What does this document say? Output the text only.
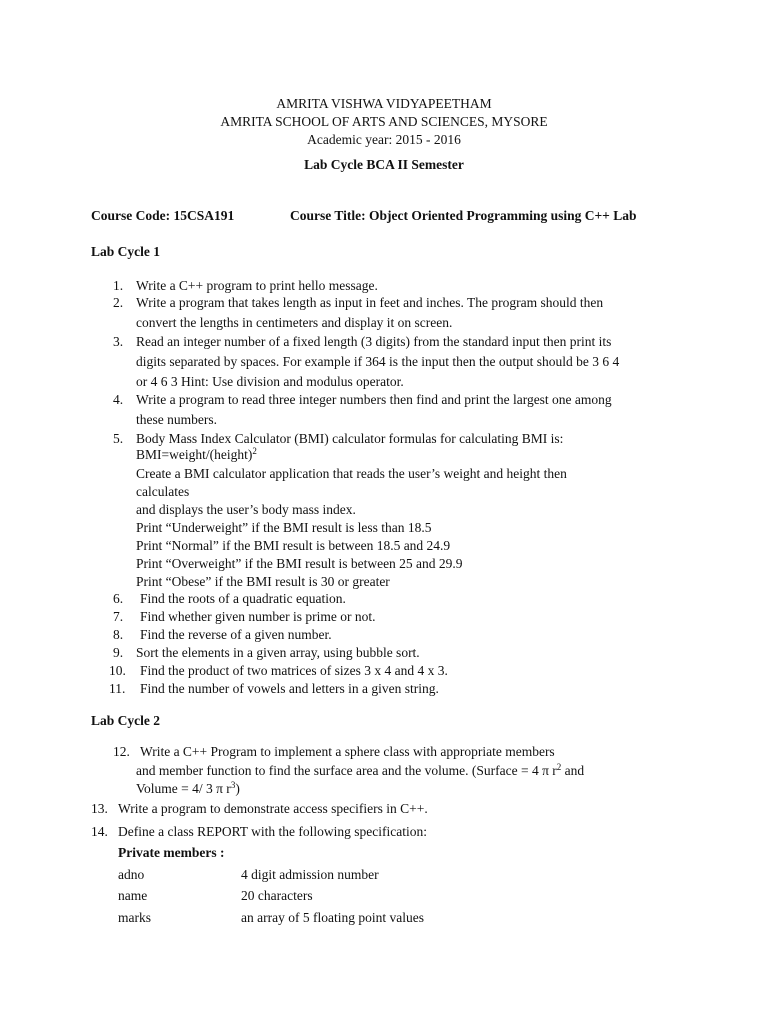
AMRITA VISHWA VIDYAPEETHAM
AMRITA SCHOOL OF ARTS AND SCIENCES, MYSORE
Academic year: 2015 - 2016
Lab Cycle BCA II Semester
Course Code: 15CSA191	Course Title: Object Oriented Programming using C++ Lab
Lab Cycle 1
1. Write a C++ program to print hello message.
2. Write a program that takes length as input in feet and inches. The program should then
convert the lengths in centimeters and display it on screen.
3. Read an integer number of a fixed length (3 digits) from the standard input then print its
digits separated by spaces. For example if 364 is the input then the output should be 3 6 4
or 4 6 3 Hint: Use division and modulus operator.
4. Write a program to read three integer numbers then find and print the largest one among
these numbers.
5. Body Mass Index Calculator (BMI) calculator formulas for calculating BMI is:
BMI=weight/(height)$^2$
Create a BMI calculator application that reads the user’s weight and height then
calculates
and displays the user’s body mass index.
Print “Underweight” if the BMI result is less than 18.5
Print “Normal” if the BMI result is between 18.5 and 24.9
Print “Overweight” if the BMI result is between 25 and 29.9
Print “Obese” if the BMI result is 30 or greater
6. Find the roots of a quadratic equation.
7. Find whether given number is prime or not.
8. Find the reverse of a given number.
9. Sort the elements in a given array, using bubble sort.
10. Find the product of two matrices of sizes 3 x 4 and 4 x 3.
11. Find the number of vowels and letters in a given string.
Lab Cycle 2
12. Write a C++ Program to implement a sphere class with appropriate members
and member function to find the surface area and the volume. (Surface = 4 π $r^2$ and
Volume = 4/ 3 π $r^3$)
13. Write a program to demonstrate access specifiers in C++.
14. Define a class REPORT with the following specification:
Private members :
adno	4 digit admission number
name	20 characters
marks	an array of 5 floating point values
